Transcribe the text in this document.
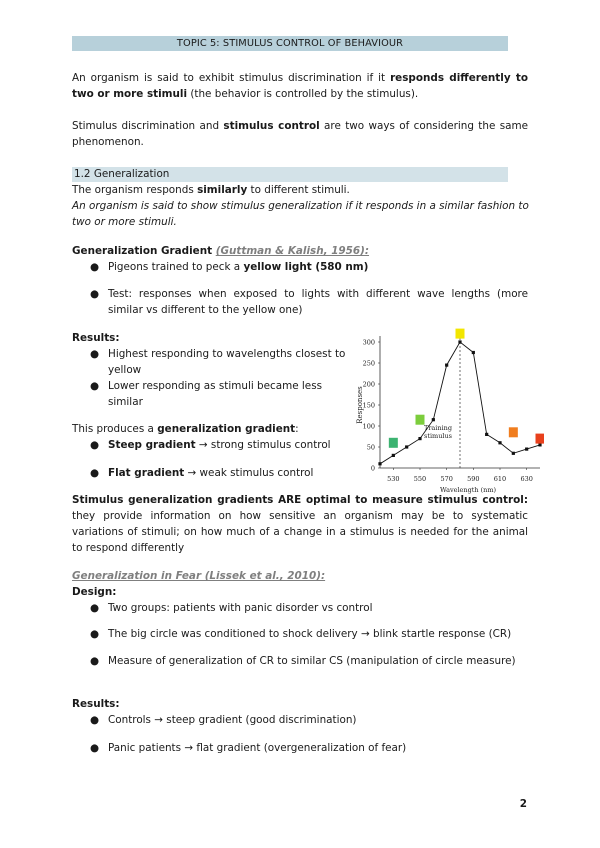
TOPIC 5: STIMULUS CONTROL OF BEHAVIOUR
An organism is said to exhibit stimulus discrimination if it responds differently to two or more stimuli (the behavior is controlled by the stimulus).
Stimulus discrimination and stimulus control are two ways of considering the same phenomenon.
1.2 Generalization
The organism responds similarly to different stimuli.
An organism is said to show stimulus generalization if it responds in a similar fashion to two or more stimuli.
Generalization Gradient (Guttman & Kalish, 1956):
● Pigeons trained to peck a yellow light (580 nm)
● Test: responses when exposed to lights with different wave lengths (more similar vs different to the yellow one)
Results:
● Highest responding to wavelengths closest to yellow
● Lower responding as stimuli became less similar
This produces a generalization gradient:
● Steep gradient → strong stimulus control
● Flat gradient → weak stimulus control
Stimulus generalization gradients ARE optimal to measure stimulus control: they provide information on how sensitive an organism may be to systematic variations of stimuli; on how much of a change in a stimulus is needed for the animal to respond differently
0
50
100
150
200
250
300
530 550 570 590 610 630
Wavelength (nm)
Responses
Training
stimulus
Generalization in Fear (Lissek et al., 2010):
Design:
● Two groups: patients with panic disorder vs control
● The big circle was conditioned to shock delivery → blink startle response (CR)
● Measure of generalization of CR to similar CS (manipulation of circle measure)
Results:
● Controls → steep gradient (good discrimination)
● Panic patients → flat gradient (overgeneralization of fear)
2
